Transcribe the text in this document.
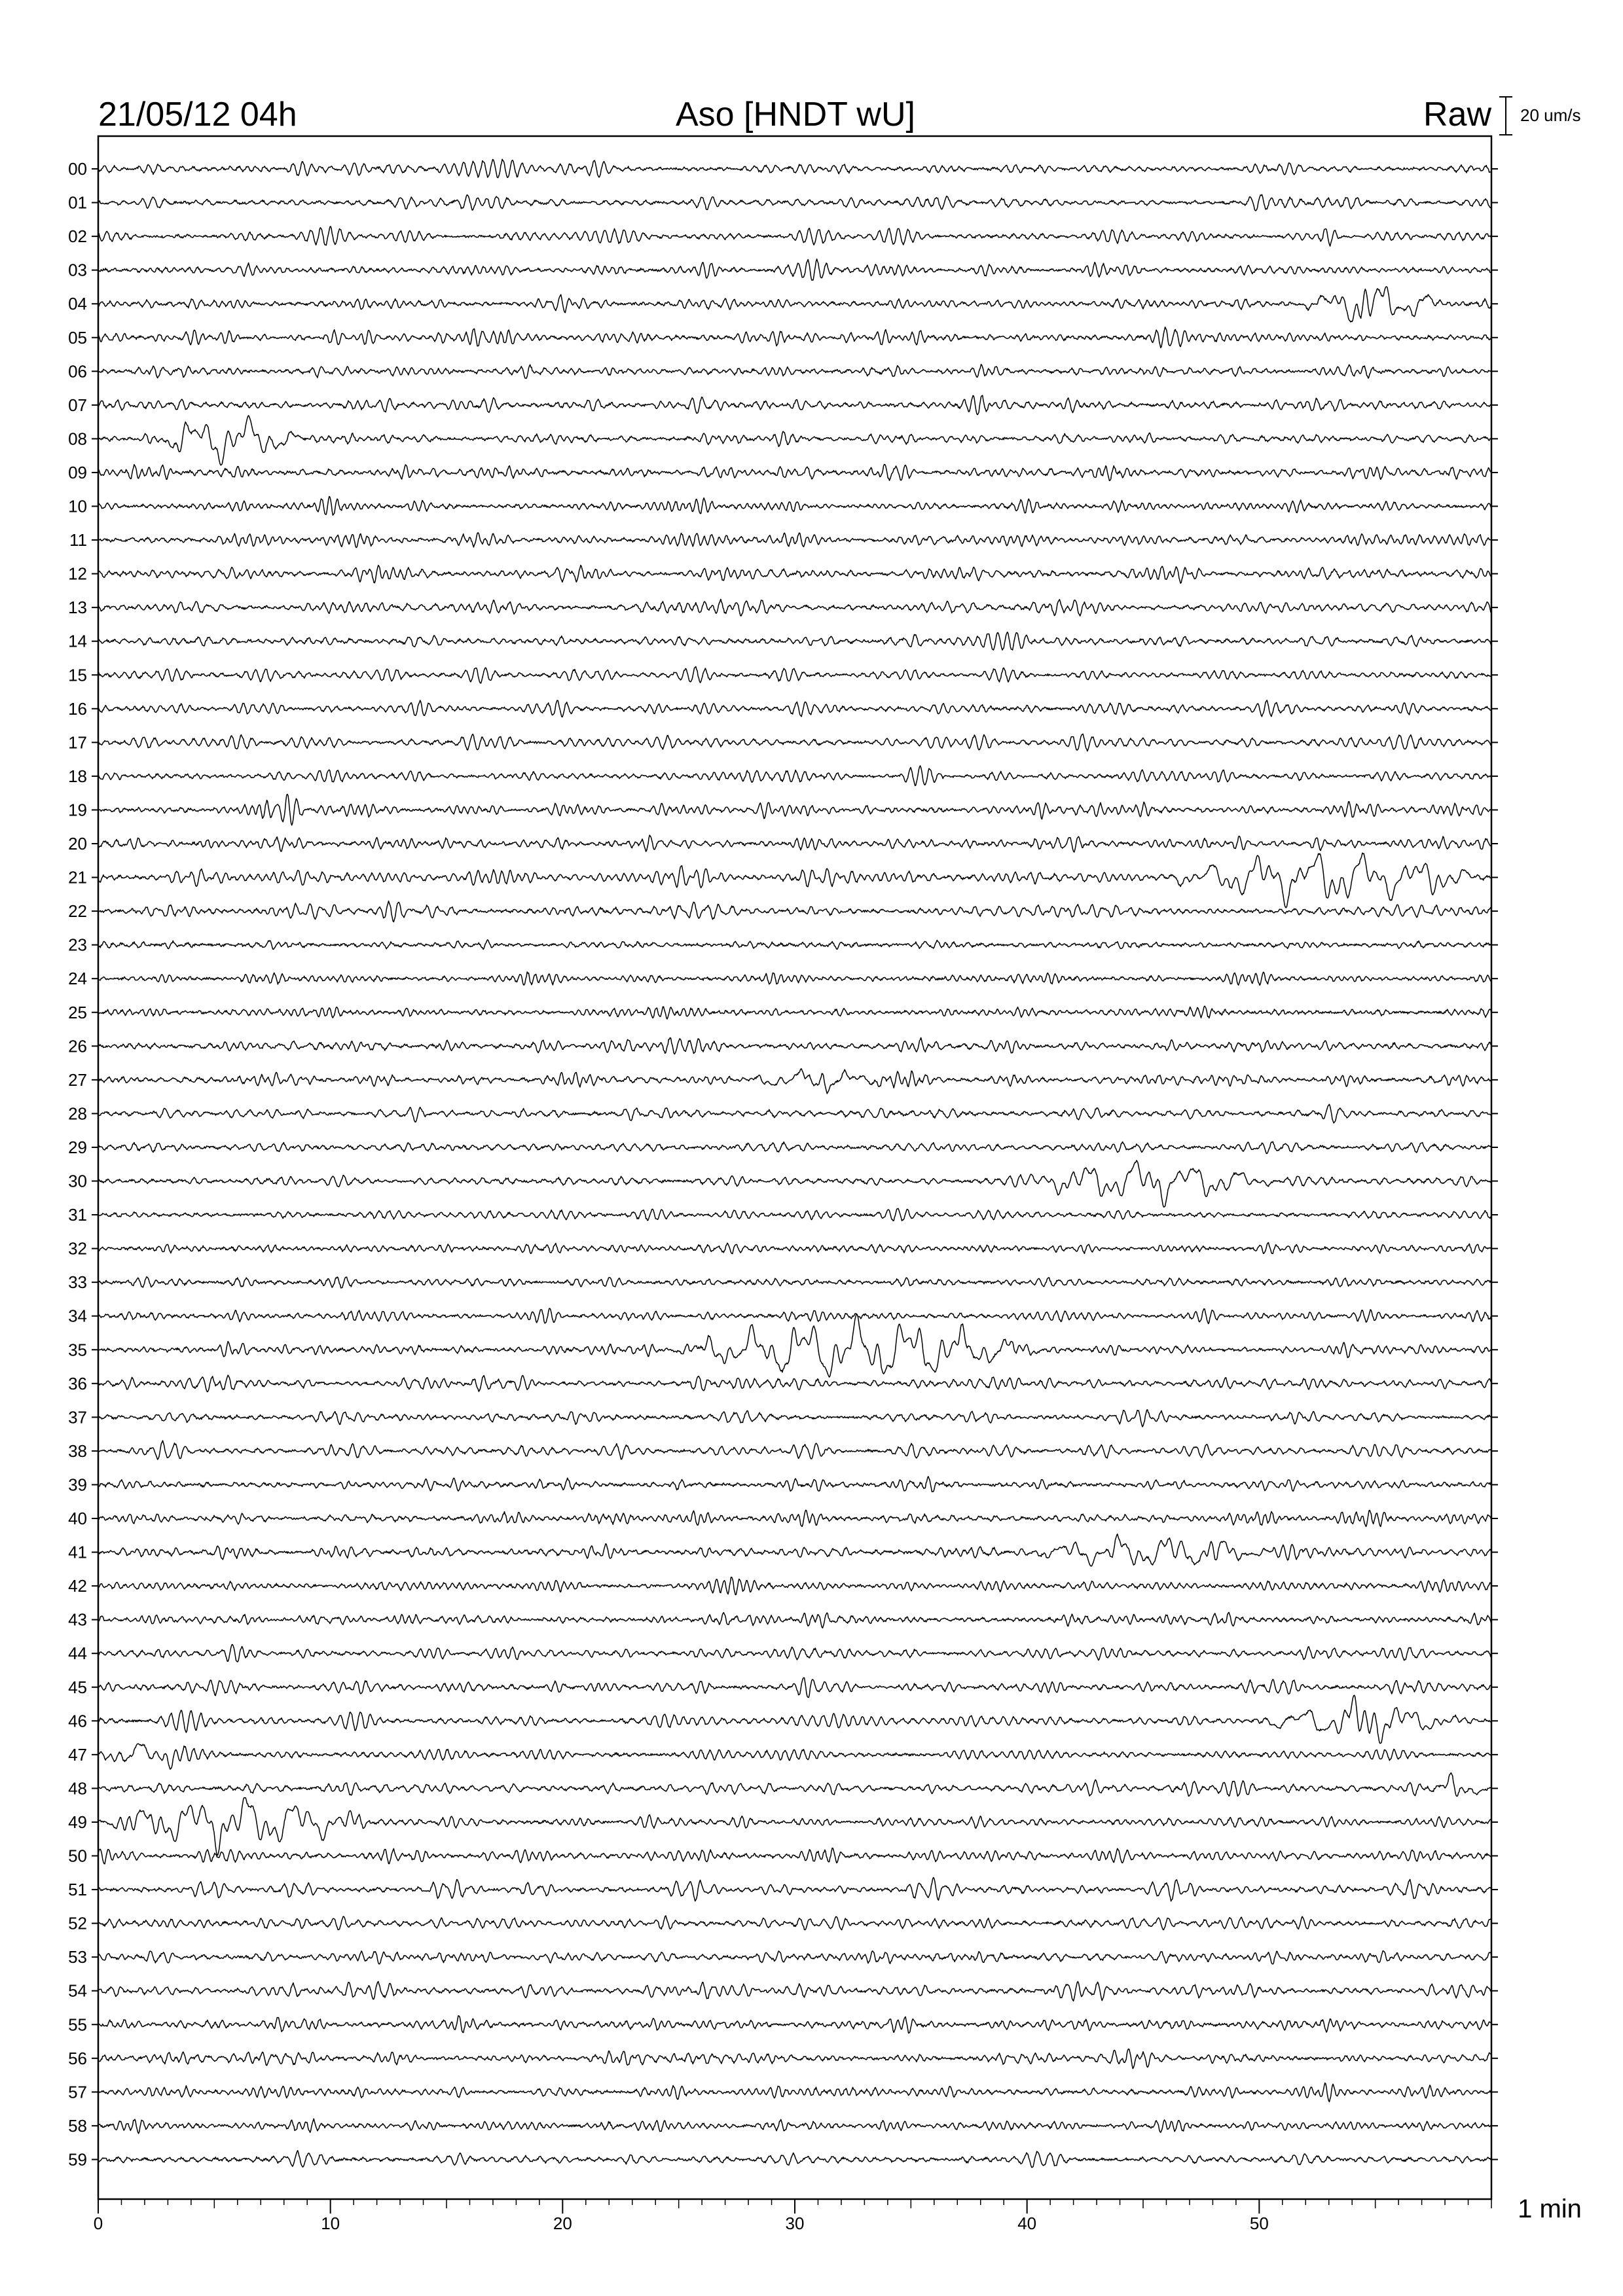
21/05/12 04h	Aso [HNDT wU]	Raw 20 um/s
00
01
02
03
04
05
06
07
08
09
10
11
12
13
14
15
16
17
18
19
20
21
22
23
24
25
26
27
28
29
30
31
32
33
34
35
36
37
38
39
40
41
42
43
44
45
46
47
48
49
50
51
52
53
54
55
56
57
58
59
0	10	20	30	40	50	1 min
